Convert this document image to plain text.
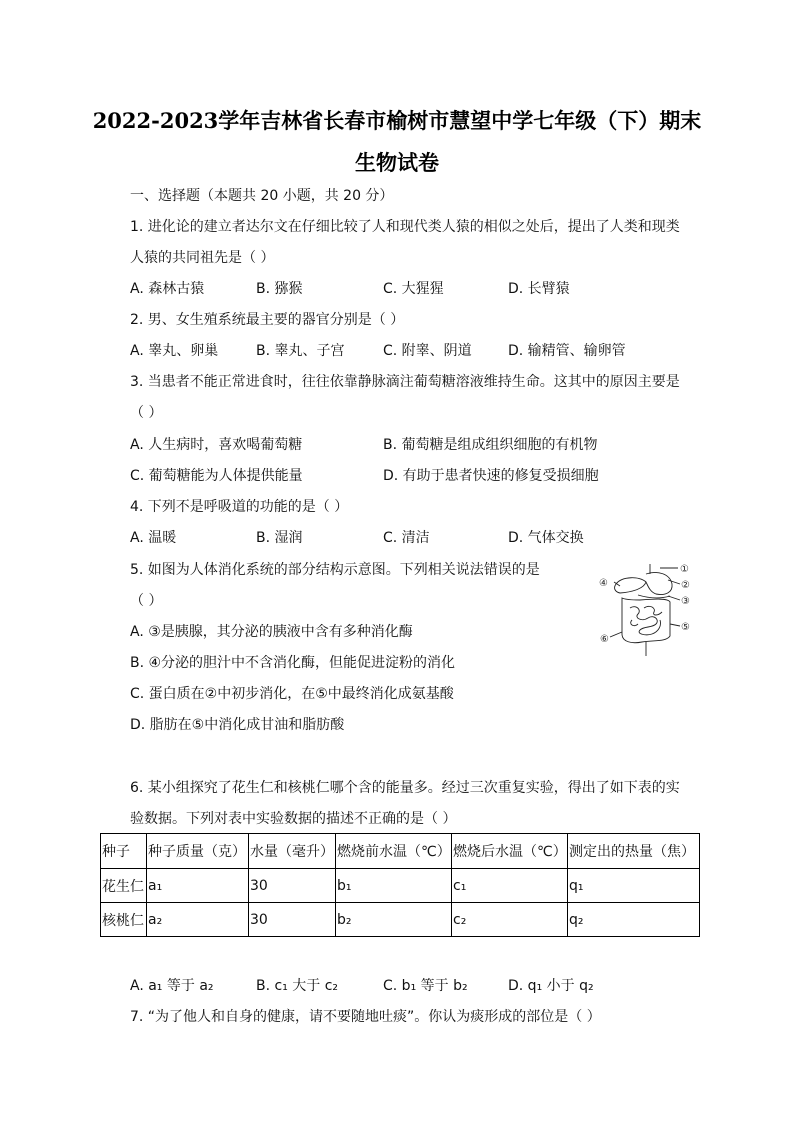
2022-2023学年吉林省长春市榆树市慧望中学七年级（下）期末
生物试卷
一、选择题（本题共 20 小题，共 20 分）
1. 进化论的建立者达尔文在仔细比较了人和现代类人猿的相似之处后，提出了人类和现类
人猿的共同祖先是（ ）
A. 森林古猿	B. 猕猴	C. 大猩猩	D. 长臂猿
2. 男、女生殖系统最主要的器官分别是（ ）
A. 睾丸、卵巢	B. 睾丸、子宫	C. 附睾、阴道	D. 输精管、输卵管
3. 当患者不能正常进食时，往往依靠静脉滴注葡萄糖溶液维持生命。这其中的原因主要是
（ ）
A. 人生病时，喜欢喝葡萄糖	B. 葡萄糖是组成组织细胞的有机物
C. 葡萄糖能为人体提供能量	D. 有助于患者快速的修复受损细胞
4. 下列不是呼吸道的功能的是（ ）
A. 温暖	B. 湿润	C. 清洁	D. 气体交换
5. 如图为人体消化系统的部分结构示意图。下列相关说法错误的是
（ ）
A. ③是胰腺，其分泌的胰液中含有多种消化酶
B. ④分泌的胆汁中不含消化酶，但能促进淀粉的消化
C. 蛋白质在②中初步消化，在⑤中最终消化成氨基酸
D. 脂肪在⑤中消化成甘油和脂肪酸
④
①
②
③
⑥
⑤
6. 某小组探究了花生仁和核桃仁哪个含的能量多。经过三次重复实验，得出了如下表的实
验数据。下列对表中实验数据的描述不正确的是（ ）
种子	种子质量（克）	水量（毫升）	燃烧前水温（℃）	燃烧后水温（℃）	测定出的热量（焦）
花生仁	a₁	30	b₁	c₁	q₁
核桃仁	a₂	30	b₂	c₂	q₂
A. a₁ 等于 a₂	B. c₁ 大于 c₂	C. b₁ 等于 b₂	D. q₁ 小于 q₂
7. “为了他人和自身的健康，请不要随地吐痰”。你认为痰形成的部位是（ ）
